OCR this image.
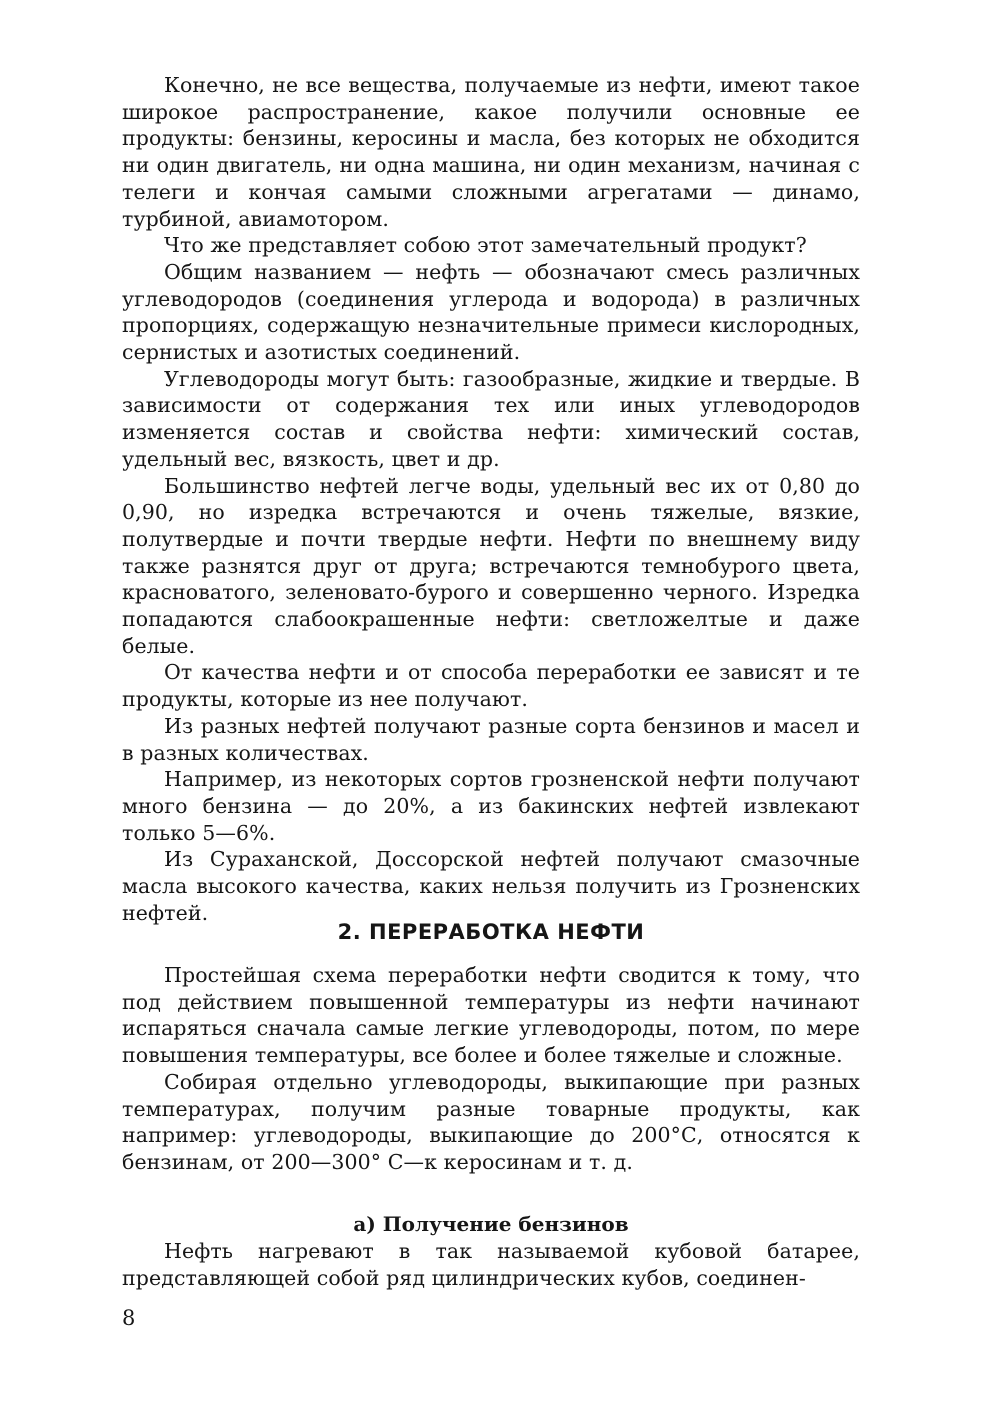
Конечно, не все вещества, получаемые из нефти, имеют такое широкое распространение, какое получили основные ее продукты: бензины, керосины и масла, без которых не обходится ни один двигатель, ни одна машина, ни один механизм, начиная с телеги и кончая самыми сложными агрегатами — динамо, турбиной, авиамотором.

Что же представляет собою этот замечательный продукт?

Общим названием — нефть — обозначают смесь различных углеводородов (соединения углерода и водорода) в различных пропорциях, содержащую незначительные примеси кислородных, сернистых и азотистых соединений.

Углеводороды могут быть: газообразные, жидкие и твердые. В зависимости от содержания тех или иных углеводородов изменяется состав и свойства нефти: химический состав, удельный вес, вязкость, цвет и др.

Большинство нефтей легче воды, удельный вес их от 0,80 до 0,90, но изредка встречаются и очень тяжелые, вязкие, полутвердые и почти твердые нефти. Нефти по внешнему виду также разнятся друг от друга; встречаются темнобурого цвета, красноватого, зеленовато-бурого и совершенно черного. Изредка попадаются слабоокрашенные нефти: светложелтые и даже белые.

От качества нефти и от способа переработки ее зависят и те продукты, которые из нее получают.

Из разных нефтей получают разные сорта бензинов и масел и в разных количествах.

Например, из некоторых сортов грозненской нефти получают много бензина — до 20%, а из бакинских нефтей извлекают только 5—6%.

Из Сураханской, Доссорской нефтей получают смазочные масла высокого качества, каких нельзя получить из Грозненских нефтей.

2. ПЕРЕРАБОТКА НЕФТИ

Простейшая схема переработки нефти сводится к тому, что под действием повышенной температуры из нефти начинают испаряться сначала самые легкие углеводороды, потом, по мере повышения температуры, все более и более тяжелые и сложные.

Собирая отдельно углеводороды, выкипающие при разных температурах, получим разные товарные продукты, как например: углеводороды, выкипающие до 200°С, относятся к бензинам, от 200—300° С—к керосинам и т. д.

а) Получение бензинов

Нефть нагревают в так называемой кубовой батарее, представляющей собой ряд цилиндрических кубов, соединен-

8
